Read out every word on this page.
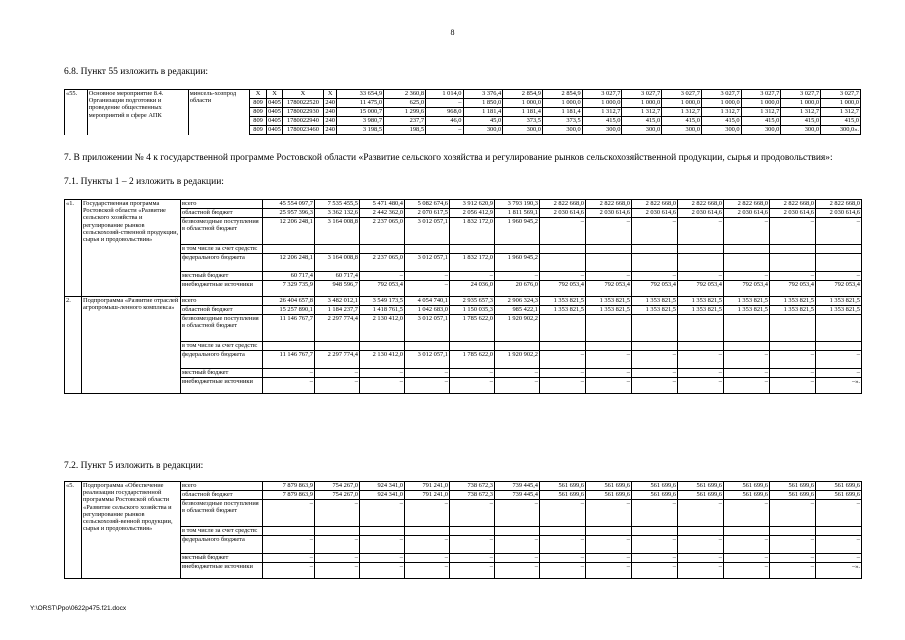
8
6.8. Пункт 55 изложить в редакции:
«55.	Основное мероприятие 8.4. Организация подготовки и проведение общественных мероприятий в сфере АПК	минсель-хозпрод области	Х	Х	Х	Х	33 654,9	2 360,8	1 014,0	3 376,4	2 854,9	2 854,9	3 027,7	3 027,7	3 027,7	3 027,7	3 027,7	3 027,7	3 027,7
			809	0405	1780022520	240	11 475,0	625,0	–	1 850,0	1 000,0	1 000,0	1 000,0	1 000,0	1 000,0	1 000,0	1 000,0	1 000,0	1 000,0
			809	0405	1780022930	240	15 000,7	1 299,6	968,0	1 181,4	1 181,4	1 181,4	1 312,7	1 312,7	1 312,7	1 312,7	1 312,7	1 312,7	1 312,7
			809	0405	1780022940	240	3 980,7	237,7	46,0	45,0	373,5	373,5	415,0	415,0	415,0	415,0	415,0	415,0	415,0
			809	0405	1780023460	240	3 198,5	198,5	–	300,0	300,0	300,0	300,0	300,0	300,0	300,0	300,0	300,0	300,0».
7. В приложении № 4 к государственной программе Ростовской области «Развитие сельского хозяйства и регулирование рынков сельскохозяйственной продукции, сырья и продовольствия»:
7.1. Пункты 1 – 2 изложить в редакции:
«1.	Государственная программа Ростовской области «Развитие сельского хозяйства и регулирование рынков сельскохозяй-ственной продукции, сырья и продовольствия»	всего	45 554 097,7	7 535 455,5	5 471 480,4	5 082 674,6	3 912 620,9	3 793 190,3	2 822 668,0	2 822 668,0	2 822 668,0	2 822 668,0	2 822 668,0	2 822 668,0	2 822 668,0
		областной бюджет	25 957 396,3	3 362 132,6	2 442 362,0	2 070 617,5	2 056 412,9	1 811 569,1	2 030 614,6	2 030 614,6	2 030 614,6	2 030 614,6	2 030 614,6	2 030 614,6	2 030 614,6
		безвозмездные поступления в областной бюджет	12 206 248,1	3 164 008,8	2 237 065,0	3 012 057,1	1 832 172,0	1 960 945,2	–	–	–	–	–	–	–
		в том числе за счет средств:													
		федерального бюджета	12 206 248,1	3 164 008,8	2 237 065,0	3 012 057,1	1 832 172,0	1 960 945,2							
		местный бюджет	60 717,4	60 717,4	–	–	–	–	–	–	–	–	–	–	–
		внебюджетные источники	7 329 735,9	948 596,7	792 053,4	–	24 036,0	20 676,0	792 053,4	792 053,4	792 053,4	792 053,4	792 053,4	792 053,4	792 053,4
2.	Подпрограмма «Развитие отраслей агропромыш-ленного комплекса»	всего	26 404 657,8	3 482 012,1	3 549 173,5	4 054 740,1	2 935 657,3	2 906 324,3	1 353 821,5	1 353 821,5	1 353 821,5	1 353 821,5	1 353 821,5	1 353 821,5	1 353 821,5
		областной бюджет	15 257 890,1	1 184 237,7	1 418 761,5	1 042 683,0	1 150 035,3	985 422,1	1 353 821,5	1 353 821,5	1 353 821,5	1 353 821,5	1 353 821,5	1 353 821,5	1 353 821,5
		безвозмездные поступления в областной бюджет	11 146 767,7	2 297 774,4	2 130 412,0	3 012 057,1	1 785 622,0	1 920 902,2							
		в том числе за счет средств:													
		федерального бюджета	11 146 767,7	2 297 774,4	2 130 412,0	3 012 057,1	1 785 622,0	1 920 902,2	–	–	–	–	–	–	–
		местный бюджет	–	–	–	–	–	–	–	–	–	–	–	–	–
		внебюджетные источники	–	–	–	–	–	–	–	–	–	–	–	–	–».
7.2. Пункт 5 изложить в редакции:
«5.	Подпрограмма «Обеспечение реализации государственной программы Ростовской области «Развитие сельского хозяйства и регулирование рынков сельскохозяй-венной продукции, сырья и продовольствия»	всего	7 879 863,9	754 267,0	924 341,0	791 241,0	738 672,3	739 445,4	561 699,6	561 699,6	561 699,6	561 699,6	561 699,6	561 699,6	561 699,6
		областной бюджет	7 879 863,9	754 267,0	924 341,0	791 241,0	738 672,3	739 445,4	561 699,6	561 699,6	561 699,6	561 699,6	561 699,6	561 699,6	561 699,6
		безвозмездные поступления в областной бюджет	–	–	–	–	–	–	–	–	–	–	–	–	–
		в том числе за счет средств:													
		федерального бюджета	–	–	–	–	–	–	–	–	–	–	–	–	–
		местный бюджет	–	–	–	–	–	–	–	–	–	–	–	–	–
		внебюджетные источники	–	–	–	–	–	–	–	–	–	–	–	–	–».
Y:\ORST\Ppo\0622p475.f21.docx
